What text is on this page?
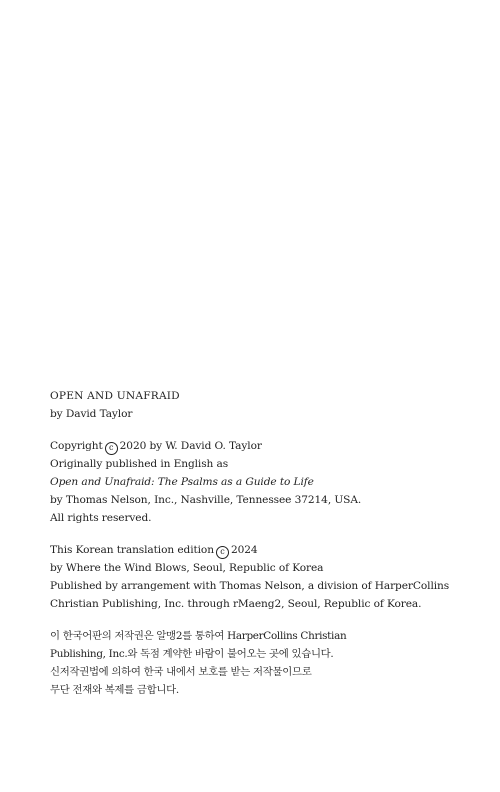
OPEN AND UNAFRAID

by David Taylor

Copyright c 2020 by W. David O. Taylor

Originally published in English as

Open and Unafraid: The Psalms as a Guide to Life

by Thomas Nelson, Inc., Nashville, Tennessee 37214, USA.

All rights reserved.

This Korean translation edition c 2024

by Where the Wind Blows, Seoul, Republic of Korea

Published by arrangement with Thomas Nelson, a division of HarperCollins

Christian Publishing, Inc. through rMaeng2, Seoul, Republic of Korea.

이 한국어판의 저작권은 알맹2를 통하여 HarperCollins Christian

Publishing, Inc.와 독점 계약한 바람이 불어오는 곳에 있습니다.

신저작권법에 의하여 한국 내에서 보호를 받는 저작물이므로

무단 전재와 복제를 금합니다.
